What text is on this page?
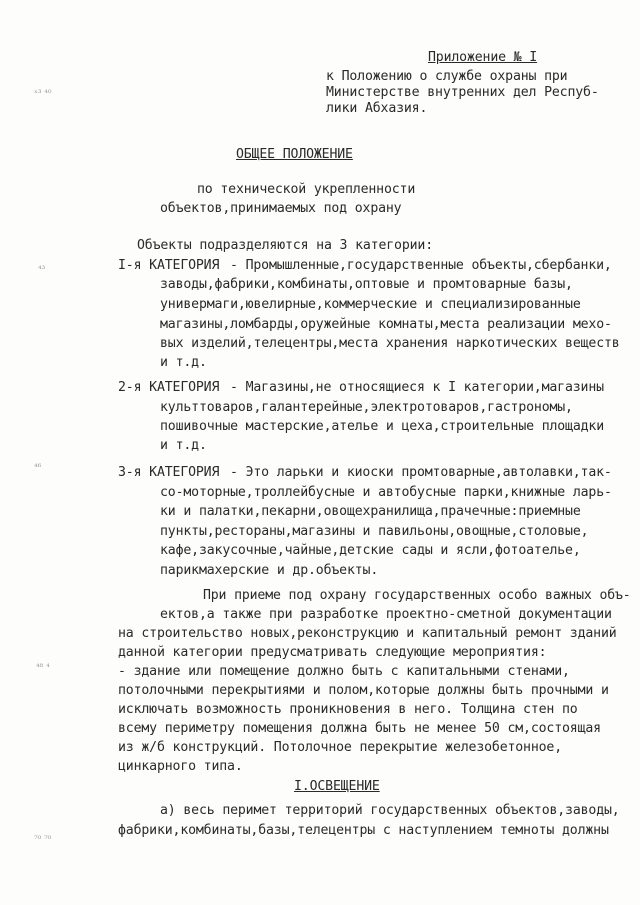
ₓ₃ ₄₀
₄₃
₄₆
₄₈ ₄
₇₀ ₇₀
Приложение № I
к Положению о службе охраны при
Министерстве внутренних дел Респуб-
лики Абхазия.
ОБЩЕЕ ПОЛОЖЕНИЕ
по технической укрепленности
объектов,принимаемых под охрану
Объекты подразделяются на 3 категории:
I-я КАТЕГОРИЯ - Промышленные,государственные объекты,сбербанки,
заводы,фабрики,комбинаты,оптовые и промтоварные базы,
универмаги,ювелирные,коммерческие и специализированные
магазины,ломбарды,оружейные комнаты,места реализации мехо-
вых изделий,телецентры,места хранения наркотических веществ
и т.д.
2-я КАТЕГОРИЯ - Магазины,не относящиеся к I категории,магазины
культтоваров,галантерейные,электротоваров,гастрономы,
пошивочные мастерские,ателье и цеха,строительные площадки
и т.д.
3-я КАТЕГОРИЯ - Это ларьки и киоски промтоварные,автолавки,так-
со-моторные,троллейбусные и автобусные парки,книжные ларь-
ки и палатки,пекарни,овощехранилища,прачечные:приемные
пункты,рестораны,магазины и павильоны,овощные,столовые,
кафе,закусочные,чайные,детские сады и ясли,фотоателье,
парикмахерские и др.объекты.
При приеме под охрану государственных особо важных объ-
ектов,а также при разработке проектно-сметной документации
на строительство новых,реконструкцию и капитальный ремонт зданий
данной категории предусматривать следующие мероприятия:
- здание или помещение должно быть с капитальными стенами,
потолочными перекрытиями и полом,которые должны быть прочными и
исключать возможность проникновения в него. Толщина стен по
всему периметру помещения должна быть не менее 50 см,состоящая
из ж/б конструкций. Потолочное перекрытие железобетонное,
цинкарного типа.
I.ОСВЕЩЕНИЕ
а) весь перимет территорий государственных объектов,заводы,
фабрики,комбинаты,базы,телецентры с наступлением темноты должны
